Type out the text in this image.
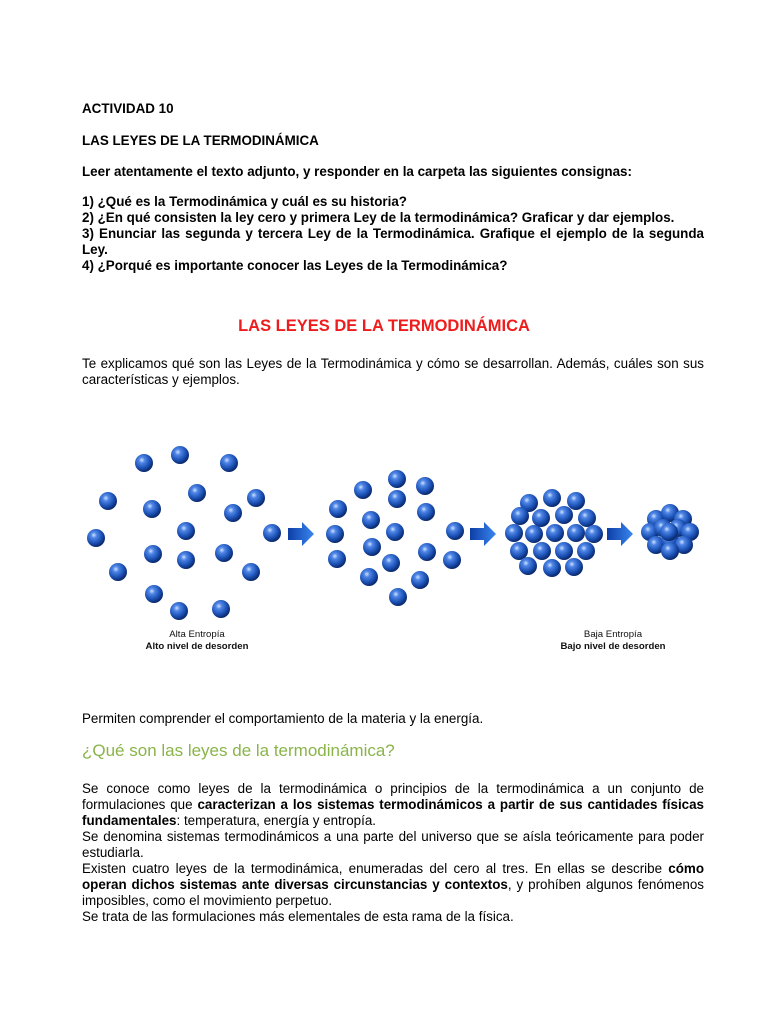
ACTIVIDAD 10
LAS LEYES DE LA TERMODINÁMICA
Leer atentamente el texto adjunto, y responder en la carpeta las siguientes consignas:
1) ¿Qué es la Termodinámica y cuál es su historia?
2) ¿En qué consisten la ley cero y primera Ley de la termodinámica? Graficar y dar ejemplos.
3) Enunciar las segunda y tercera Ley de la Termodinámica. Grafique el ejemplo de la segunda Ley.
4) ¿Porqué es importante conocer las Leyes de la Termodinámica?
LAS LEYES DE LA TERMODINÁMICA
Te explicamos qué son las Leyes de la Termodinámica y cómo se desarrollan. Además, cuáles son sus características y ejemplos.
Alta Entropía
Alto nivel de desorden
Baja Entropía
Bajo nivel de desorden
Permiten comprender el comportamiento de la materia y la energía.
¿Qué son las leyes de la termodinámica?
Se conoce como leyes de la termodinámica o principios de la termodinámica a un conjunto de formulaciones que caracterizan a los sistemas termodinámicos a partir de sus cantidades físicas fundamentales: temperatura, energía y entropía.
Se denomina sistemas termodinámicos a una parte del universo que se aísla teóricamente para poder estudiarla.
Existen cuatro leyes de la termodinámica, enumeradas del cero al tres. En ellas se describe cómo operan dichos sistemas ante diversas circunstancias y contextos, y prohíben algunos fenómenos imposibles, como el movimiento perpetuo.
Se trata de las formulaciones más elementales de esta rama de la física.
